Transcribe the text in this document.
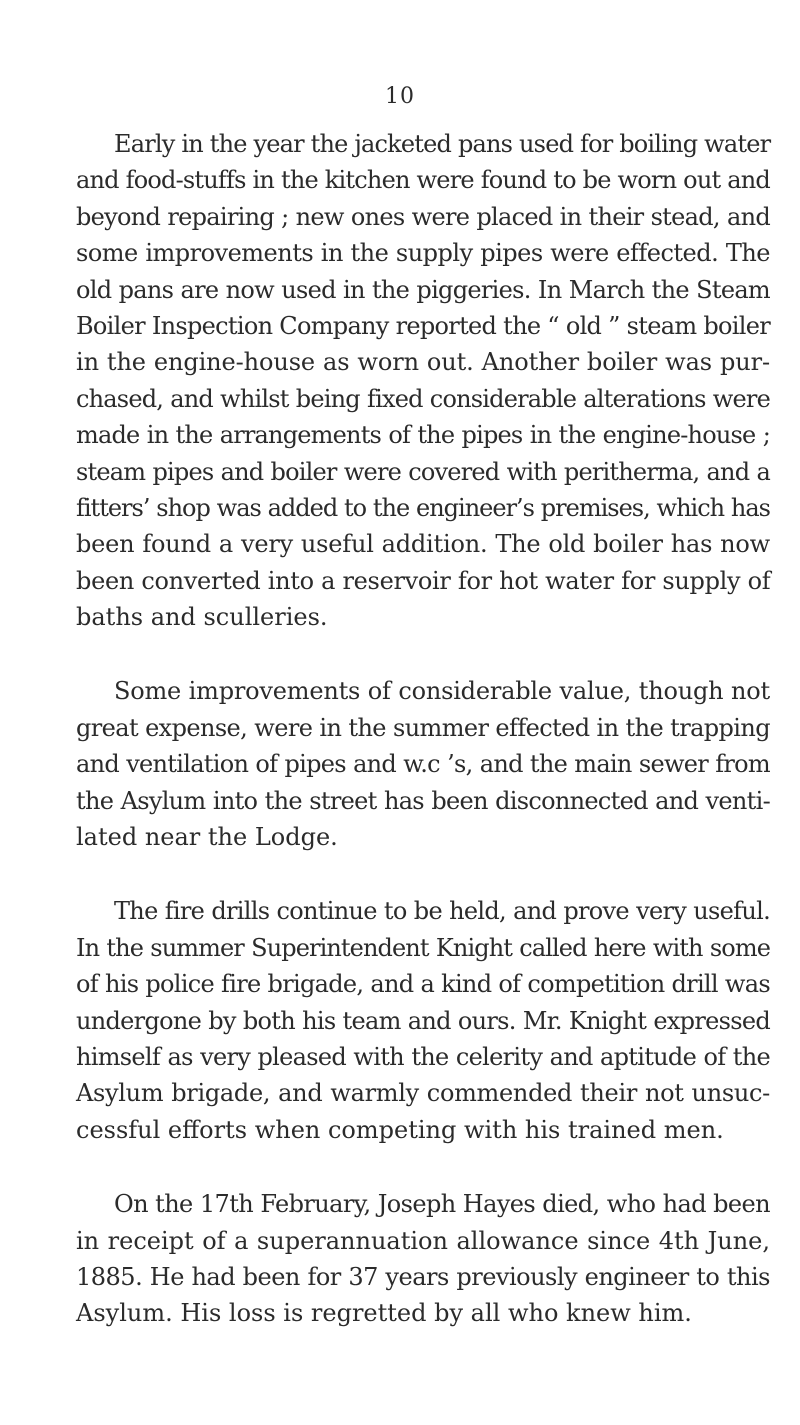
10
Early in the year the jacketed pans used for boiling water
and food-stuffs in the kitchen were found to be worn out and
beyond repairing ; new ones were placed in their stead, and
some improvements in the supply pipes were effected. The
old pans are now used in the piggeries. In March the Steam
Boiler Inspection Company reported the “ old ” steam boiler
in the engine-house as worn out. Another boiler was pur-
chased, and whilst being fixed considerable alterations were
made in the arrangements of the pipes in the engine-house ;
steam pipes and boiler were covered with peritherma, and a
fitters’ shop was added to the engineer’s premises, which has
been found a very useful addition. The old boiler has now
been converted into a reservoir for hot water for supply of
baths and sculleries.
Some improvements of considerable value, though not
great expense, were in the summer effected in the trapping
and ventilation of pipes and w.c ’s, and the main sewer from
the Asylum into the street has been disconnected and venti-
lated near the Lodge.
The fire drills continue to be held, and prove very useful.
In the summer Superintendent Knight called here with some
of his police fire brigade, and a kind of competition drill was
undergone by both his team and ours. Mr. Knight expressed
himself as very pleased with the celerity and aptitude of the
Asylum brigade, and warmly commended their not unsuc-
cessful efforts when competing with his trained men.
On the 17th February, Joseph Hayes died, who had been
in receipt of a superannuation allowance since 4th June,
1885. He had been for 37 years previously engineer to this
Asylum. His loss is regretted by all who knew him.
